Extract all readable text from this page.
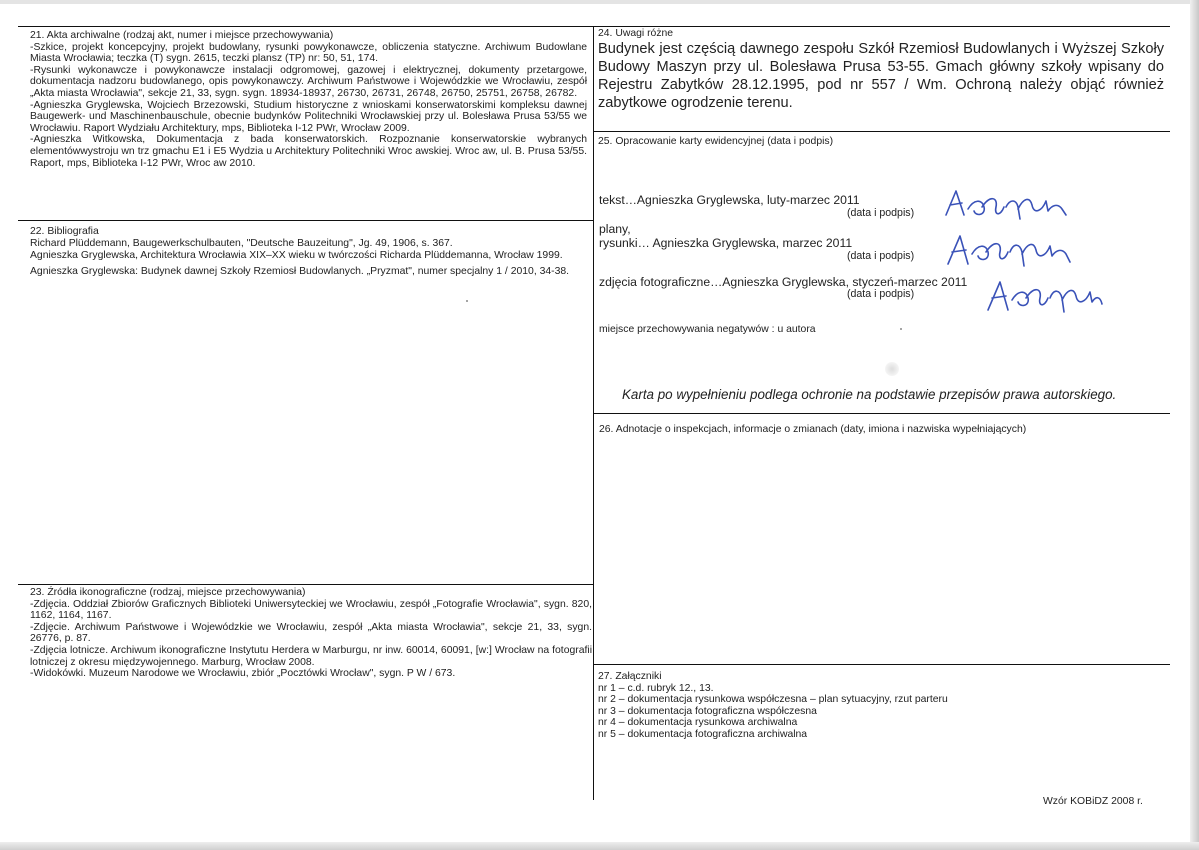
21. Akta archiwalne (rodzaj akt, numer i miejsce przechowywania)
-Szkice, projekt koncepcyjny, projekt budowlany, rysunki powykonawcze, obliczenia statyczne. Archiwum Budowlane Miasta Wrocławia; teczka (T) sygn. 2615, teczki plansz (TP) nr: 50, 51, 174.
-Rysunki wykonawcze i powykonawcze instalacji odgromowej, gazowej i elektrycznej, dokumenty przetargowe, dokumentacja nadzoru budowlanego, opis powykonawczy. Archiwum Państwowe i Wojewódzkie we Wrocławiu, zespół „Akta miasta Wrocławia", sekcje 21, 33, sygn. sygn. 18934-18937, 26730, 26731, 26748, 26750, 25751, 26758, 26782.
-Agnieszka Gryglewska, Wojciech Brzezowski, Studium historyczne z wnioskami konserwatorskimi kompleksu dawnej Baugewerk- und Maschinenbauschule, obecnie budynków Politechniki Wrocławskiej przy ul. Bolesława Prusa 53/55 we Wrocławiu. Raport Wydziału Architektury, mps, Biblioteka I-12 PWr, Wrocław 2009.
-Agnieszka Witkowska, Dokumentacja z bada konserwatorskich. Rozpoznanie konserwatorskie wybranych elementówwystroju wn trz gmachu E1 i E5 Wydzia u Architektury Politechniki Wroc awskiej. Wroc aw, ul. B. Prusa 53/55. Raport, mps, Biblioteka I-12 PWr, Wroc aw 2010.
22. Bibliografia
Richard Plüddemann, Baugewerkschulbauten, "Deutsche Bauzeitung", Jg. 49, 1906, s. 367.
Agnieszka Gryglewska, Architektura Wrocławia XIX–XX wieku w twórczości Richarda Plüddemanna, Wrocław 1999.
Agnieszka Gryglewska: Budynek dawnej Szkoły Rzemiosł Budowlanych. „Pryzmat", numer specjalny 1 / 2010, 34-38.
23. Źródła ikonograficzne (rodzaj, miejsce przechowywania)
-Zdjęcia. Oddział Zbiorów Graficznych Biblioteki Uniwersyteckiej we Wrocławiu, zespół „Fotografie Wrocławia", sygn. 820, 1162, 1164, 1167.
-Zdjęcie. Archiwum Państwowe i Wojewódzkie we Wrocławiu, zespół „Akta miasta Wrocławia", sekcje 21, 33, sygn. 26776, p. 87.
-Zdjęcia lotnicze. Archiwum ikonograficzne Instytutu Herdera w Marburgu, nr inw. 60014, 60091, [w:] Wrocław na fotografii lotniczej z okresu międzywojennego. Marburg, Wrocław 2008.
-Widokówki. Muzeum Narodowe we Wrocławiu, zbiór „Pocztówki Wrocław", sygn. P W / 673.
24. Uwagi różne
Budynek jest częścią dawnego zespołu Szkół Rzemiosł Budowlanych i Wyższej Szkoły Budowy Maszyn przy ul. Bolesława Prusa 53-55. Gmach główny szkoły wpisany do Rejestru Zabytków 28.12.1995, pod nr 557 / Wm. Ochroną należy objąć również zabytkowe ogrodzenie terenu.
25. Opracowanie karty ewidencyjnej (data i podpis)
tekst…Agnieszka Gryglewska, luty-marzec 2011
(data i podpis)
plany,
rysunki… Agnieszka Gryglewska, marzec 2011
(data i podpis)
zdjęcia fotograficzne…Agnieszka Gryglewska, styczeń-marzec 2011
(data i podpis)
miejsce przechowywania negatywów : u autora
Karta po wypełnieniu podlega ochronie na podstawie przepisów prawa autorskiego.
26. Adnotacje o inspekcjach, informacje o zmianach (daty, imiona i nazwiska wypełniających)
27. Załączniki
nr 1 – c.d. rubryk 12., 13.
nr 2 – dokumentacja rysunkowa współczesna – plan sytuacyjny, rzut parteru
nr 3 – dokumentacja fotograficzna współczesna
nr 4 – dokumentacja rysunkowa archiwalna
nr 5 – dokumentacja fotograficzna archiwalna
Wzór KOBiDZ 2008 r.
